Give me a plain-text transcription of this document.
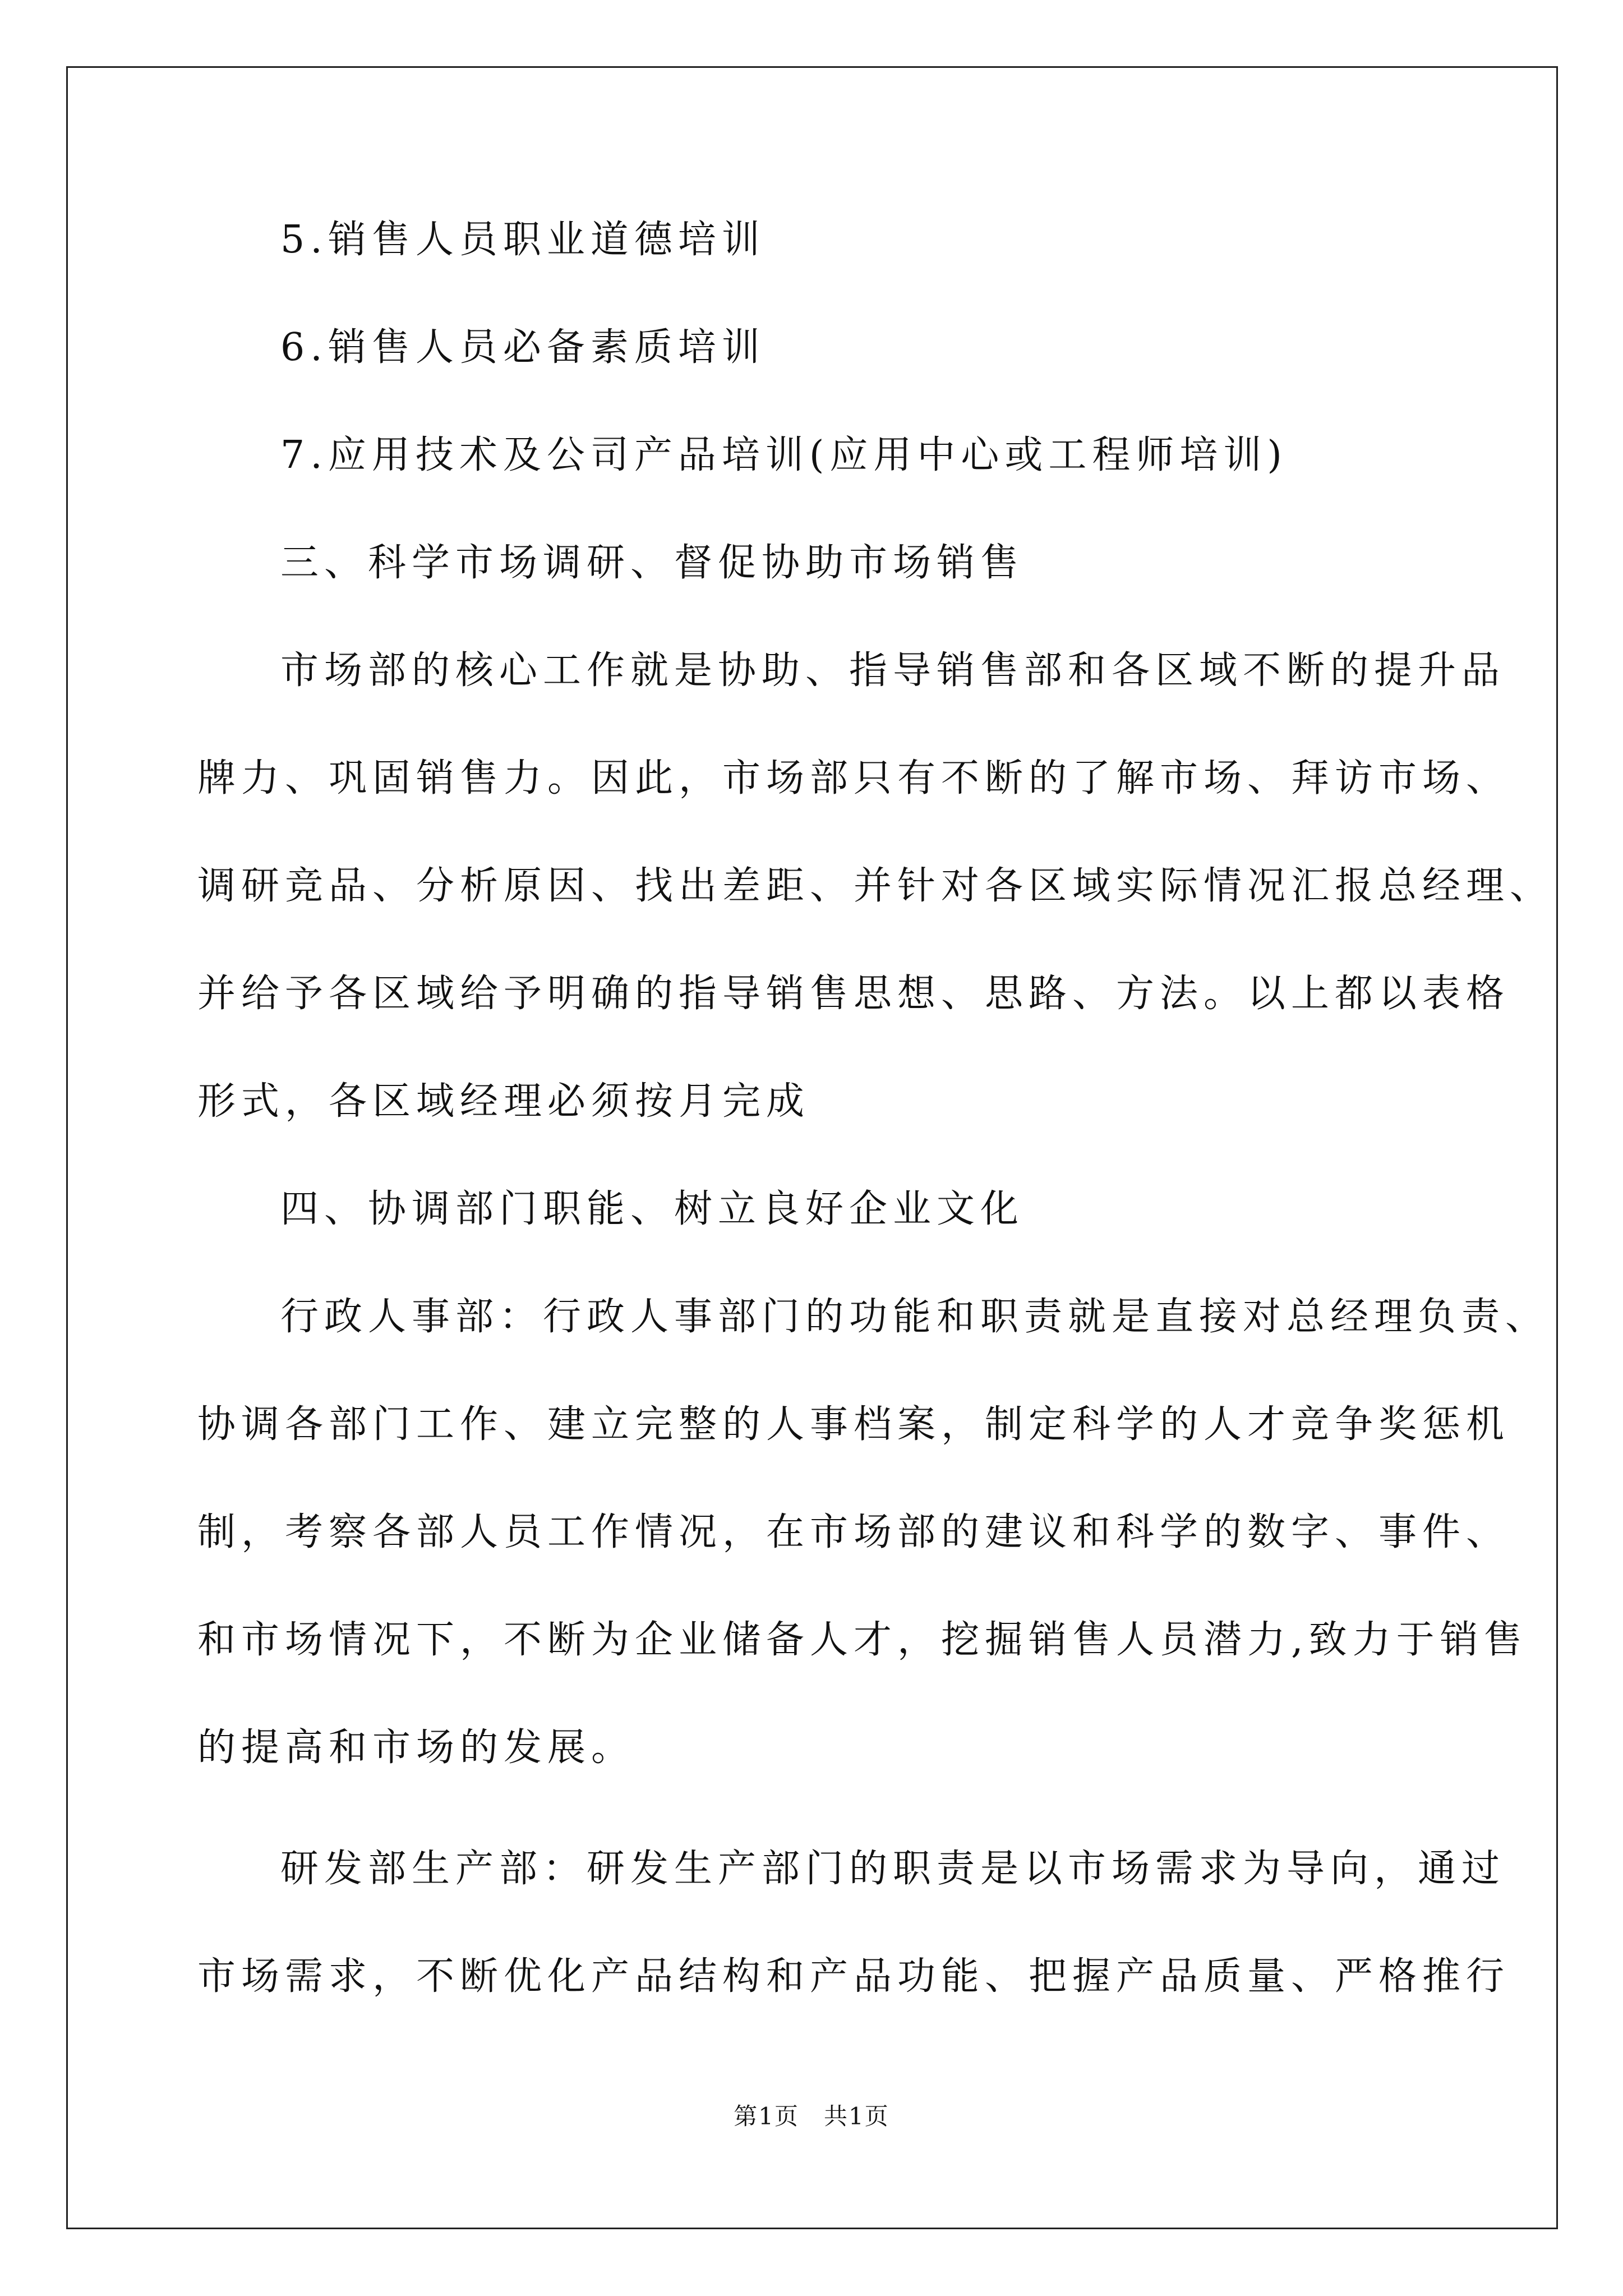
5.销售人员职业道德培训

6.销售人员必备素质培训

7.应用技术及公司产品培训(应用中心或工程师培训)

三、科学市场调研、督促协助市场销售

市场部的核心工作就是协助、指导销售部和各区域不断的提升品

牌力、巩固销售力。因此，市场部只有不断的了解市场、拜访市场、

调研竞品、分析原因、找出差距、并针对各区域实际情况汇报总经理、

并给予各区域给予明确的指导销售思想、思路、方法。以上都以表格

形式，各区域经理必须按月完成

四、协调部门职能、树立良好企业文化

行政人事部：行政人事部门的功能和职责就是直接对总经理负责、

协调各部门工作、建立完整的人事档案，制定科学的人才竞争奖惩机

制，考察各部人员工作情况，在市场部的建议和科学的数字、事件、

和市场情况下，不断为企业储备人才，挖掘销售人员潜力,致力于销售

的提高和市场的发展。

研发部生产部：研发生产部门的职责是以市场需求为导向，通过

市场需求，不断优化产品结构和产品功能、把握产品质量、严格推行

第1页　共1页
